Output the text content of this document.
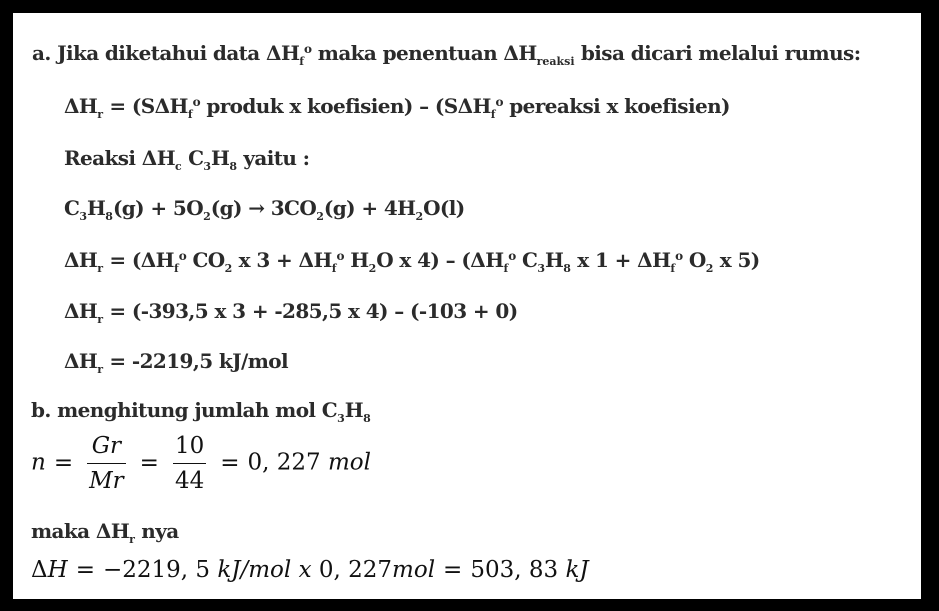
a. Jika diketahui data $\Delta H_f^o$ maka penentuan $\Delta H_{reaksi}$ bisa dicari melalui rumus:
$\Delta H_r = (S\Delta H_f^o$ produk x koefisien) – ($S\Delta H_f^o$ pereaksi x koefisien)
Reaksi $\Delta H_c$ $C_3H_8$ yaitu :
$C_3H_8(g) + 5O_2(g) \to 3CO_2(g) + 4H_2O(l)$
$\Delta H_r = (\Delta H_f^o$ $CO_2$ x $3 + \Delta H_f^o$ $H_2O$ x $4) - (\Delta H_f^o$ $C_3H_8$ x $1 + \Delta H_f^o$ $O_2$ x 5)
$\Delta H_r = (-393,5$ x 3 + -285,5 x 4) – (-103 + 0)
$\Delta H_r = -2219,5$ kJ/mol
b. menghitung jumlah mol $C_3H_8$
$n = \frac{Gr}{Mr} = \frac{10}{44} = 0$, 227 mol
maka $\Delta H_r$ nya
ΔH = −2219, 5 kJ/mol x 0, 227mol = 503, 83 kJ
